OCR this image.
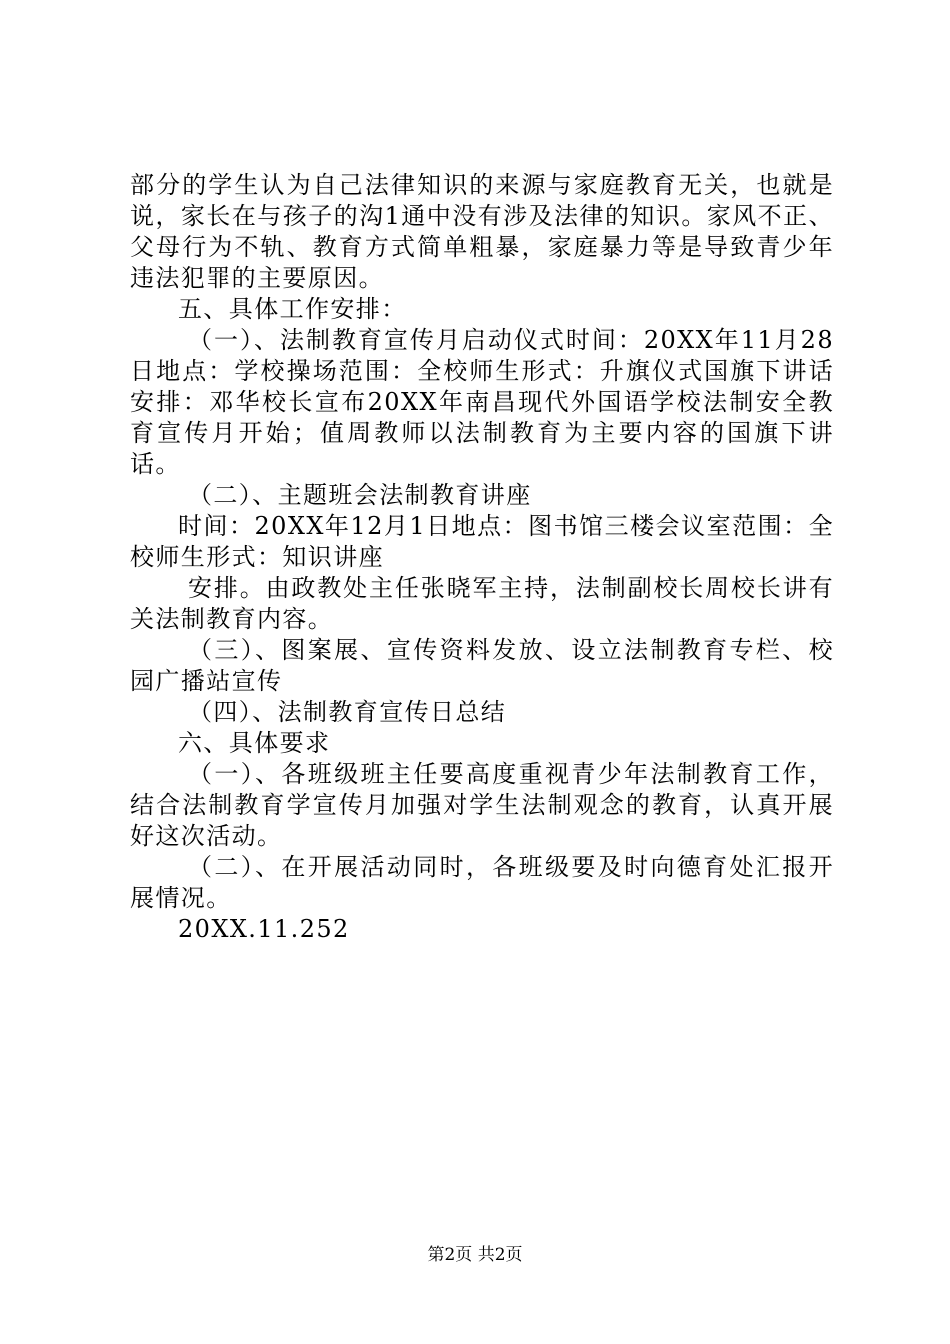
部分的学生认为自己法律知识的来源与家庭教育无关，也就是说，家长在与孩子的沟1通中没有涉及法律的知识。家风不正、父母行为不轨、教育方式简单粗暴，家庭暴力等是导致青少年违法犯罪的主要原因。

五、具体工作安排：

（一）、法制教育宣传月启动仪式时间：20XX年11月28日地点：学校操场范围：全校师生形式：升旗仪式国旗下讲话安排：邓华校长宣布20XX年南昌现代外国语学校法制安全教育宣传月开始；值周教师以法制教育为主要内容的国旗下讲话。

（二）、主题班会法制教育讲座

时间：20XX年12月1日地点：图书馆三楼会议室范围：全校师生形式：知识讲座

安排。由政教处主任张晓军主持，法制副校长周校长讲有关法制教育内容。

（三）、图案展、宣传资料发放、设立法制教育专栏、校园广播站宣传

（四）、法制教育宣传日总结

六、具体要求

（一）、各班级班主任要高度重视青少年法制教育工作，结合法制教育学宣传月加强对学生法制观念的教育，认真开展好这次活动。

（二）、在开展活动同时，各班级要及时向德育处汇报开展情况。

20XX.11.252

第2页 共2页
